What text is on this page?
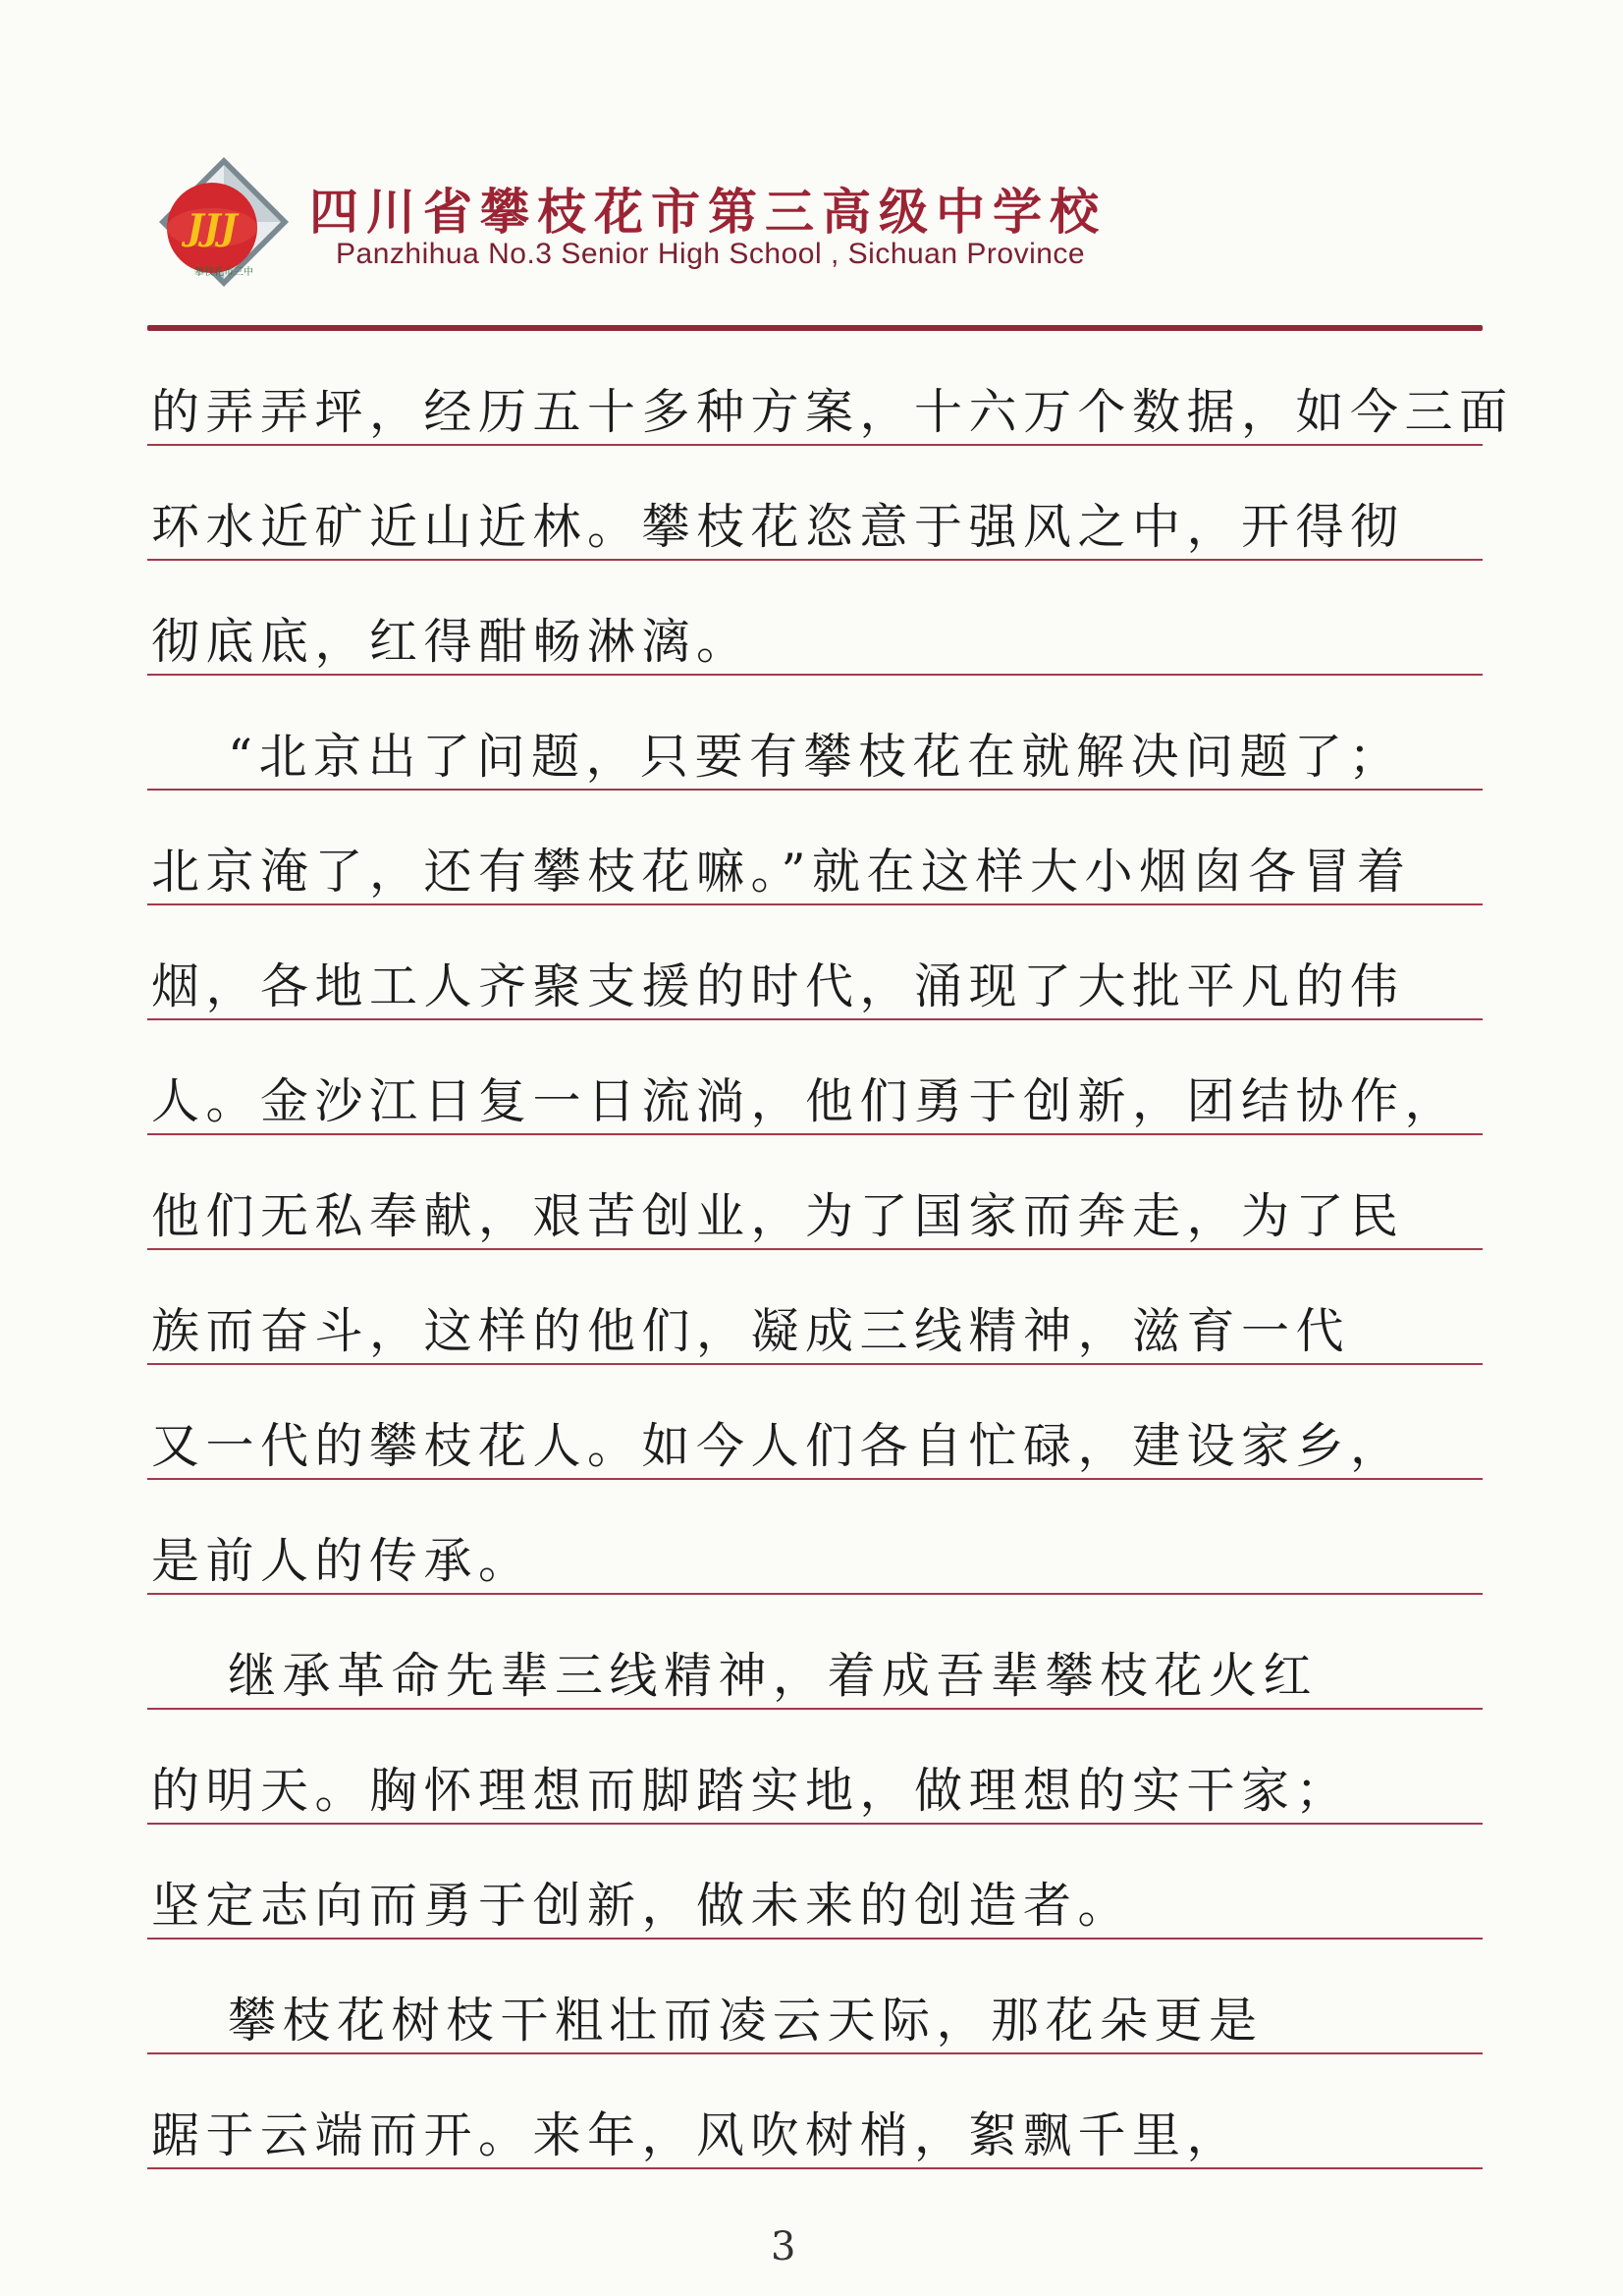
JJJ
攀枝花市三中
四川省攀枝花市第三高级中学校
Panzhihua No.3 Senior High School , Sichuan Province
的弄弄坪，经历五十多种方案，十六万个数据，如今三面
环水近矿近山近林。攀枝花恣意于强风之中，开得彻
彻底底，红得酣畅淋漓。
“北京出了问题，只要有攀枝花在就解决问题了；
北京淹了，还有攀枝花嘛。”就在这样大小烟囱各冒着
烟，各地工人齐聚支援的时代，涌现了大批平凡的伟
人。金沙江日复一日流淌，他们勇于创新，团结协作，
他们无私奉献，艰苦创业，为了国家而奔走，为了民
族而奋斗，这样的他们，凝成三线精神，滋育一代
又一代的攀枝花人。如今人们各自忙碌，建设家乡，
是前人的传承。
继承革命先辈三线精神，着成吾辈攀枝花火红
的明天。胸怀理想而脚踏实地，做理想的实干家；
坚定志向而勇于创新，做未来的创造者。
攀枝花树枝干粗壮而凌云天际，那花朵更是
踞于云端而开。来年，风吹树梢，絮飘千里，
3
